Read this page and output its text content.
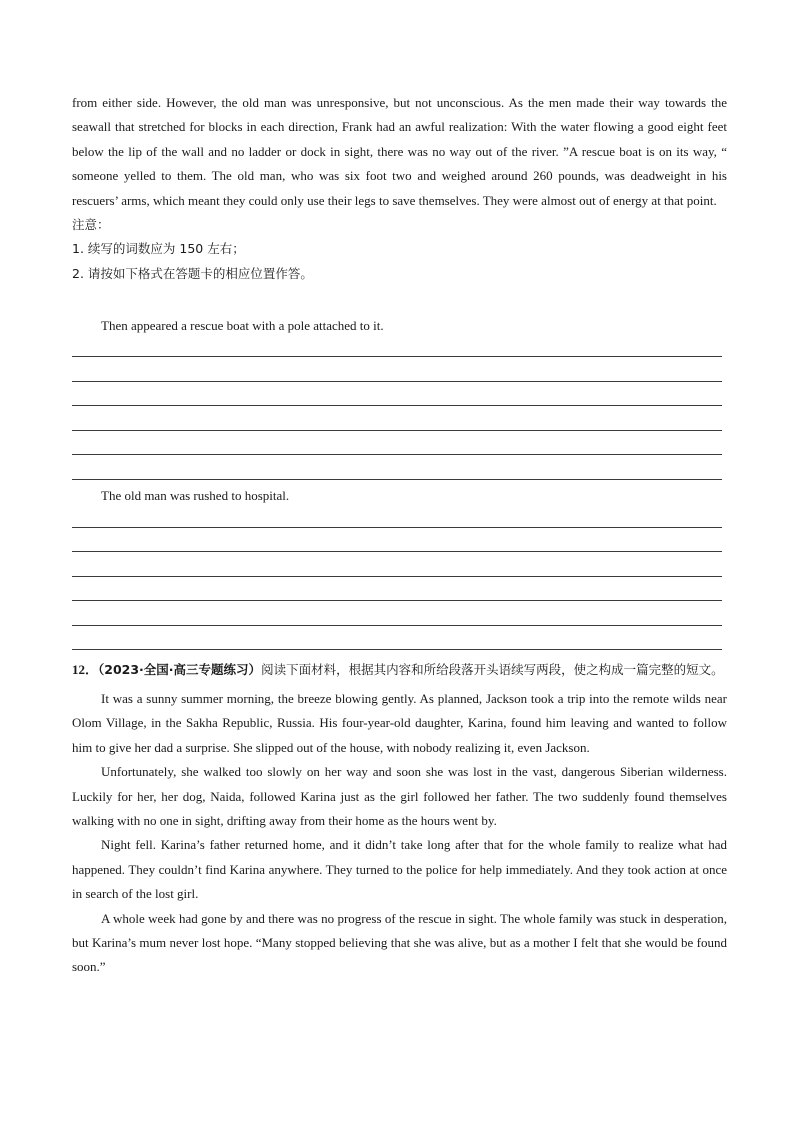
from either side. However, the old man was unresponsive, but not unconscious. As the men made their way towards the seawall that stretched for blocks in each direction, Frank had an awful realization: With the water flowing a good eight feet below the lip of the wall and no ladder or dock in sight, there was no way out of the river. ”A rescue boat is on its way, “ someone yelled to them. The old man, who was six foot two and weighed around 260 pounds, was deadweight in his rescuers’ arms, which meant they could only use their legs to save themselves. They were almost out of energy at that point.

注意：

1. 续写的词数应为 150 左右；

2. 请按如下格式在答题卡的相应位置作答。

Then appeared a rescue boat with a pole attached to it.

The old man was rushed to hospital.

12．（2023·全国·高三专题练习）阅读下面材料，根据其内容和所给段落开头语续写两段，使之构成一篇完整的短文。

It was a sunny summer morning, the breeze blowing gently. As planned, Jackson took a trip into the remote wilds near Olom Village, in the Sakha Republic, Russia. His four-year-old daughter, Karina, found him leaving and wanted to follow him to give her dad a surprise. She slipped out of the house, with nobody realizing it, even Jackson.

Unfortunately, she walked too slowly on her way and soon she was lost in the vast, dangerous Siberian wilderness. Luckily for her, her dog, Naida, followed Karina just as the girl followed her father. The two suddenly found themselves walking with no one in sight, drifting away from their home as the hours went by.

Night fell. Karina’s father returned home, and it didn’t take long after that for the whole family to realize what had happened. They couldn’t find Karina anywhere. They turned to the police for help immediately. And they took action at once in search of the lost girl.

A whole week had gone by and there was no progress of the rescue in sight. The whole family was stuck in desperation, but Karina’s mum never lost hope. “Many stopped believing that she was alive, but as a mother I felt that she would be found soon.”
